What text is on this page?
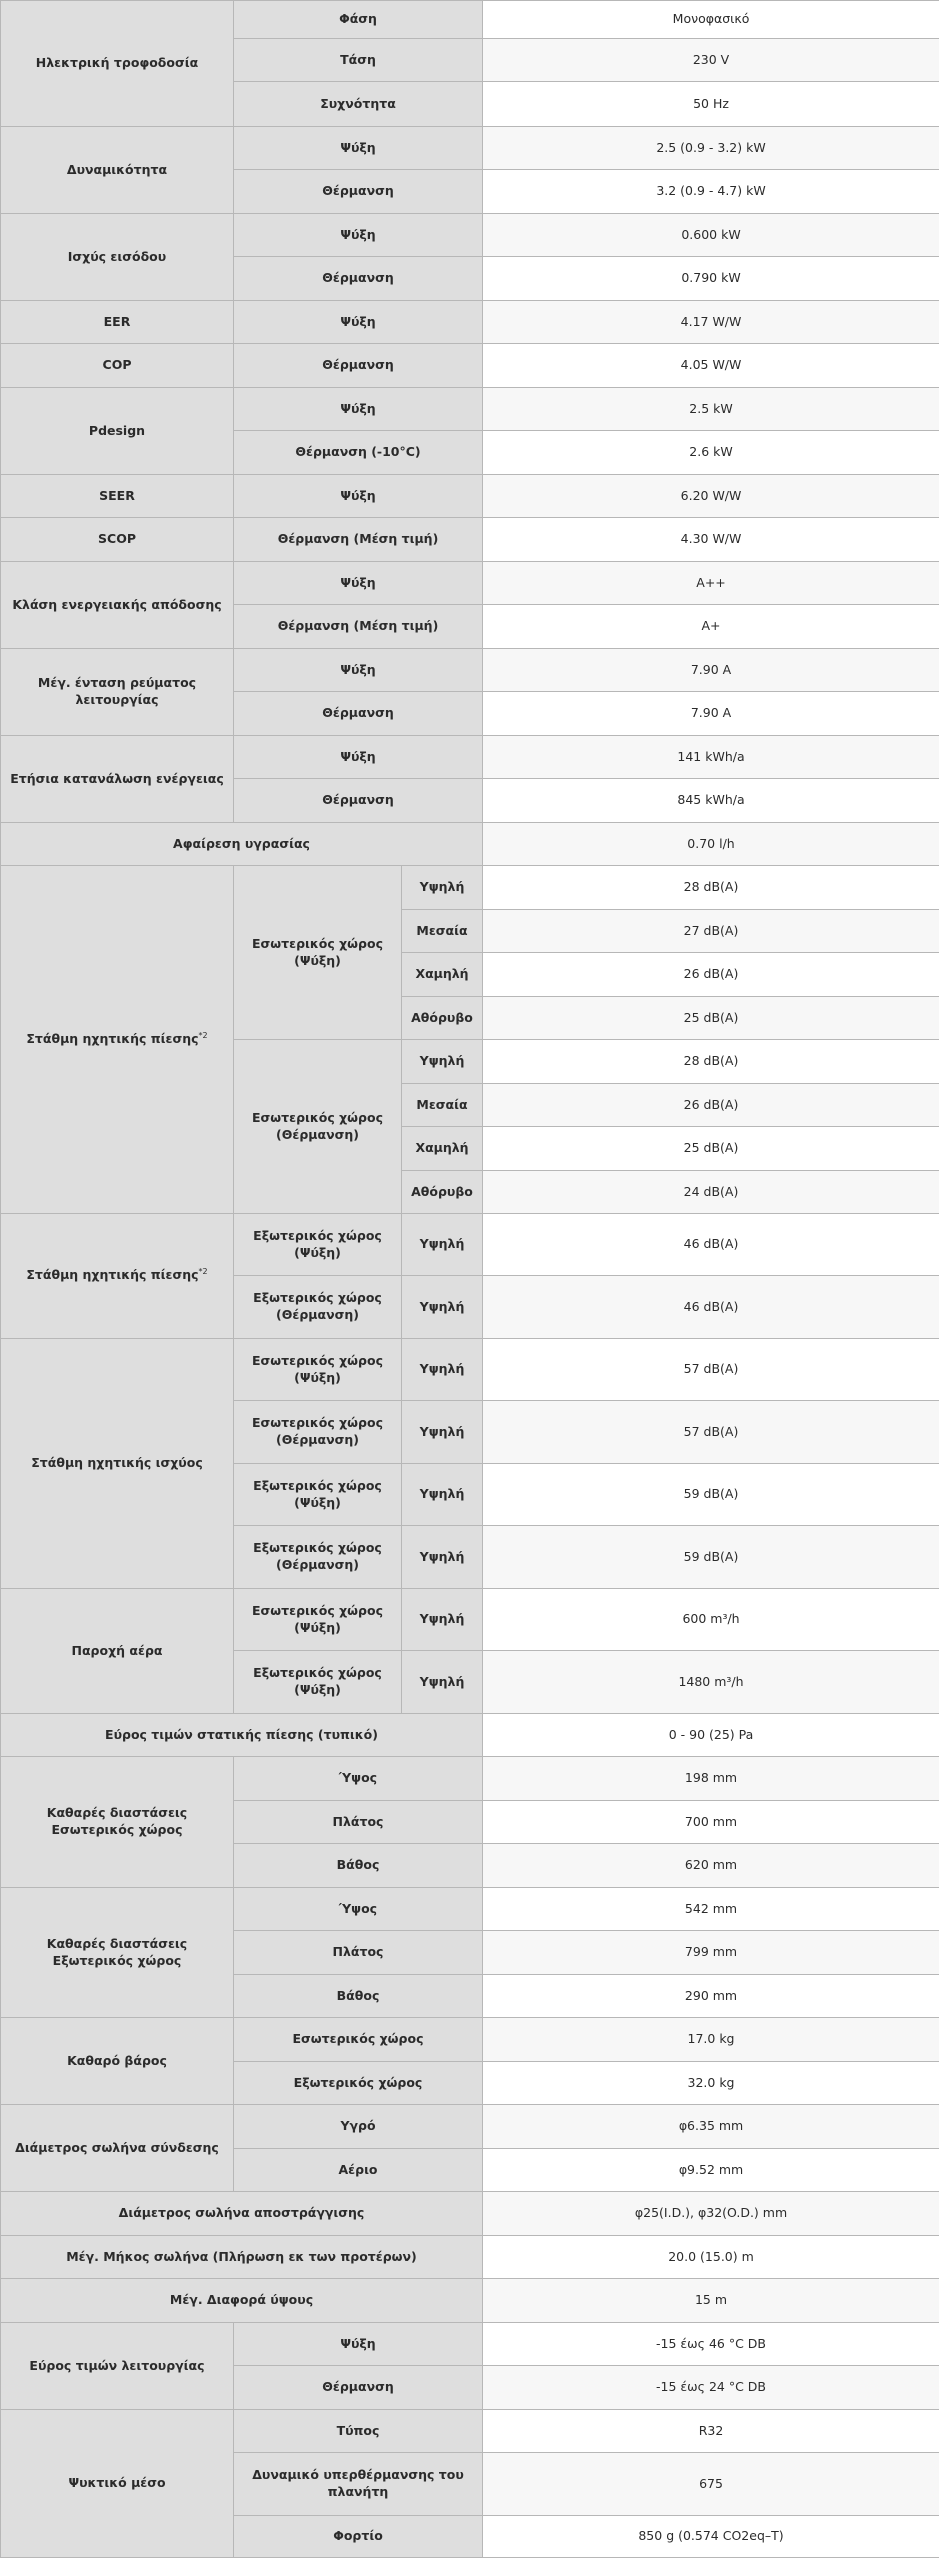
Ηλεκτρική τροφοδοσία	Φάση		Μονοφασικό
	Τάση		230 V
	Συχνότητα		50 Hz
Δυναμικότητα	Ψύξη		2.5 (0.9 - 3.2) kW
	Θέρμανση		3.2 (0.9 - 4.7) kW
Ισχύς εισόδου	Ψύξη		0.600 kW
	Θέρμανση		0.790 kW
EER	Ψύξη		4.17 W/W
COP	Θέρμανση		4.05 W/W
Pdesign	Ψύξη		2.5 kW
	Θέρμανση (-10°C)		2.6 kW
SEER	Ψύξη		6.20 W/W
SCOP	Θέρμανση (Μέση τιμή)		4.30 W/W
Κλάση ενεργειακής απόδοσης	Ψύξη		A++
	Θέρμανση (Μέση τιμή)		A+
Μέγ. ένταση ρεύματος λειτουργίας	Ψύξη		7.90 A
	Θέρμανση		7.90 A
Ετήσια κατανάλωση ενέργειας	Ψύξη		141 kWh/a
	Θέρμανση		845 kWh/a
Αφαίρεση υγρασίας			0.70 l/h
Στάθμη ηχητικής πίεσης$^{*2}$	Εσωτερικός χώρος (Ψύξη)	Υψηλή	28 dB(A)
		Μεσαία	27 dB(A)
		Χαμηλή	26 dB(A)
		Αθόρυβο	25 dB(A)
	Εσωτερικός χώρος (Θέρμανση)	Υψηλή	28 dB(A)
		Μεσαία	26 dB(A)
		Χαμηλή	25 dB(A)
		Αθόρυβο	24 dB(A)
Στάθμη ηχητικής πίεσης$^{*2}$	Εξωτερικός χώρος (Ψύξη)	Υψηλή	46 dB(A)
	Εξωτερικός χώρος (Θέρμανση)	Υψηλή	46 dB(A)
Στάθμη ηχητικής ισχύος	Εσωτερικός χώρος (Ψύξη)	Υψηλή	57 dB(A)
	Εσωτερικός χώρος (Θέρμανση)	Υψηλή	57 dB(A)
	Εξωτερικός χώρος (Ψύξη)	Υψηλή	59 dB(A)
	Εξωτερικός χώρος (Θέρμανση)	Υψηλή	59 dB(A)
Παροχή αέρα	Εσωτερικός χώρος (Ψύξη)	Υψηλή	600 m³/h
	Εξωτερικός χώρος (Ψύξη)	Υψηλή	1480 m³/h
Εύρος τιμών στατικής πίεσης (τυπικό)			0 - 90 (25) Pa
Καθαρές διαστάσεις Εσωτερικός χώρος	Ύψος		198 mm
	Πλάτος		700 mm
	Βάθος		620 mm
Καθαρές διαστάσεις Εξωτερικός χώρος	Ύψος		542 mm
	Πλάτος		799 mm
	Βάθος		290 mm
Καθαρό βάρος	Εσωτερικός χώρος		17.0 kg
	Εξωτερικός χώρος		32.0 kg
Διάμετρος σωλήνα σύνδεσης	Υγρό		φ6.35 mm
	Αέριο		φ9.52 mm
Διάμετρος σωλήνα αποστράγγισης			φ25(I.D.), φ32(O.D.) mm
Μέγ. Μήκος σωλήνα (Πλήρωση εκ των προτέρων)			20.0 (15.0) m
Μέγ. Διαφορά ύψους			15 m
Εύρος τιμών λειτουργίας	Ψύξη		-15 έως 46 °C DB
	Θέρμανση		-15 έως 24 °C DB
Ψυκτικό μέσο	Τύπος		R32
	Δυναμικό υπερθέρμανσης του πλανήτη		675
	Φορτίο		850 g (0.574 CO2eq–T)
